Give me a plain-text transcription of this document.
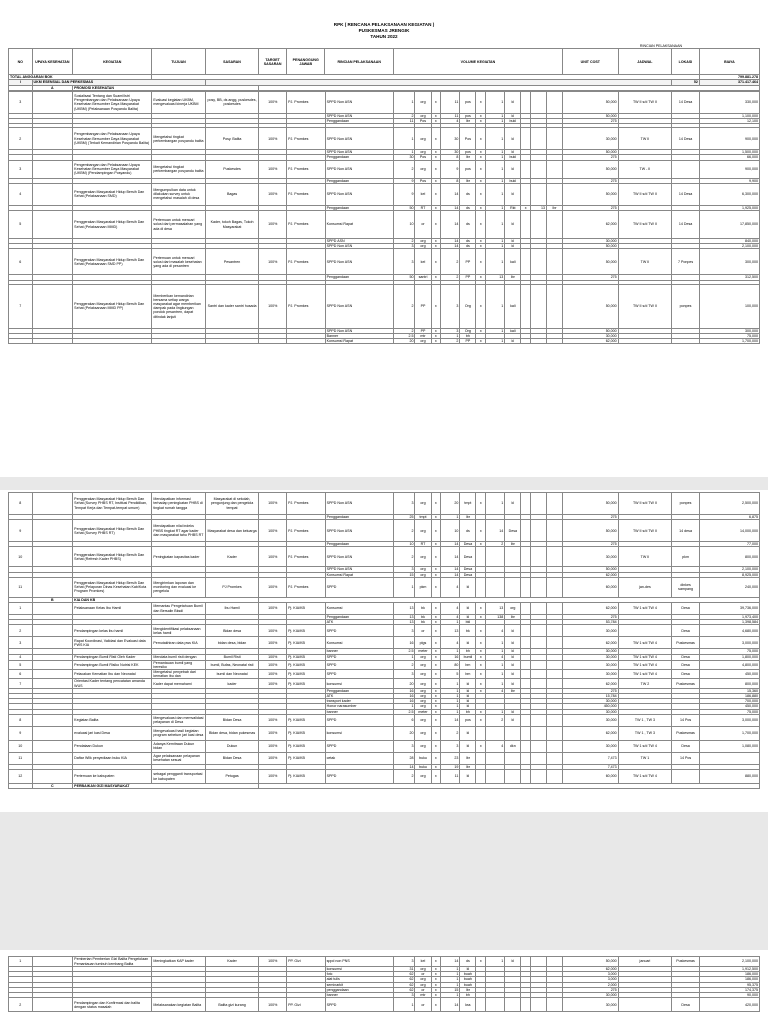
RPK ( RENCANA PELAKSANAAN KEGIATAN )
PUSKESMAS JRENGIK
TAHUN 2022
									RINCIAN PELAKSANAAN			
NO	UPAYA KESEHATAN	KEGIATAN	TUJUAN	SASARAN	TARGET SASARAN	PENANGGUNG JAWAB	RINCIAN PELAKSANAAN	VOLUME KEGIATAN	UNIT COST	JADWAL	LOKASI	BIAYA
TOTAL ANGGARAN BOK												799.881.278
I	UKM ESENSIAL DAN PERKESMAS										52	371.417.464
	A	PROMOSI KESEHATAN										
3		Sosialisasi Tentang dan Suami/Istri Pengembangan dan Pelaksanaan Upaya Kesehatan Bersumber Daya Masyarakat (UKBM) (Pelaksanaan Posyandu Balita)	Evaluasi kegiatan UKBM, mengevaluasi kinerja UKBM	posy, BB, ds angg, puskesdes, poskesdes	100%	PJ. Promkes	SPPD Non ASN	1	org	x	11	pos	x	1	kl				50,000	TW II s/d TW II	14 Desa	330,000
							SPPD Non ASN	2	org	x	11	pos	x	1	kl				50,000			1,100,000
							Penggandaan	11	Pos	x	4	lbr	x	1	bukl				275			12,100

2		Pengembangan dan Pelaksanaan Upaya Kesehatan Bersumber Daya Masyarakat (UKBM) (Terkait Kemandirian Posyandu Balita)	Mengetahui tingkat perkembangan posyandu balita	Posy. Balita	100%	PJ. Promkes	SPPD Non ASN	1	org	x	30	Pos	x	1	kl				30,000	TW II	14 Desa	900,000
							SPPD Non ASN	1	org	x	30	pos	x	1	kl				50,000			1,500,000
							Penggandaan	30	Pos	x	8	lbr	x	1	bukl				275			66,000
3		Pengembangan dan Pelaksanaan Upaya Kesehatan Bersumber Daya Masyarakat (UKBM) (Pendampingan Posyandu)	Mengetahui tingkat perkembangan posyandu balita	Puskesdes	100%	PJ. Promkes	SPPD Non ASN	2	org	x	9	pos	x	1	kl				50,000	TW - II		900,000
							Penggandaan	9	Pos	x	8	lbr	x	1	bukl				275			9,900
4		Penggerakan Masyarakat Hidup Bersih Dan Sehat (Pelaksanaan SMD)	Mengumpulkan data untuk dilakukan survey untuk mengetahui masalah di desa	Bagas	100%	PJ. Promkes	SPPD Non ASN	9	kel	x	14	ds	x	1	kl				50,000	TW II s/d TW II	14 Desa	6,300,000
							Penggandaan	50	RT	x	14	ds	x	1	Rkt	x	13	lbr	275			1,925,000
5		Penggerakan Masyarakat Hidup Bersih Dan Sehat (Pelaksanaan MMD)	Pertemuan untuk mencari solusi dari permasalahan yang ada di desa	Kader, tokoh Bagas, Tokoh Masyarakat	100%	PJ. Promkes	Konsumsi Rapat	10	or	x	14	ds	x	1	kl				62,000	TW II s/d TW II	14 Desa	17,850,000
							SPPD ASN	2	org	x	14	ds	x	1	kl				30,000			840,000
							SPPD Non ASN	3	org	x	14	ds	x	1	kl				50,000			2,100,000
6		Penggerakan Masyarakat Hidup Bersih Dan Sehat (Pelaksanaan SMD PP)	Pertemuan untuk mencari solusi dari masalah kesehatan yang ada di pesantren	Pesantren	100%	PJ. Promkes	SPPD Non ASN	3	kel	x	2	PP	x	1	kali				50,000	TW II	7 Ponpes	300,000
							Penggandaan	50	santri	x	2	PP	x	13	lbr				275			312,500

7		Penggerakan Masyarakat Hidup Bersih Dan Sehat (Pelaksanaan MMD PP)	Memberikan kemandirian bersama setiap warga masyarakat agar memberikan dampak pada lingkungan pondok pesantren, dapat ditindak lanjuti	Santri dan kader santri husada	100%	PJ. Promkes	SPPD Non ASN	2	PP	x	3	Org	x	1	kali				50,000	TW II s/d TW II	ponpes	100,000
							SPPD Non ASN	2	PP	x	3	Org	x	1	kali				50,000			300,000
							Banner	2.5	mtr	x	1	bh							30,000			75,000
							Konsumsi Rapat	20	org	x	2	PP	x	1	kl				62,000			1,700,000
8		Penggerakan Masyarakat Hidup Bersih Dan Sehat (Survey PHBS RT, Institusi Pendidikan, Tempat Kerja dan Tempat-tempat umum)	Mendapatkan informasi terhadap peningkatan PHBS di tingkat rumah tangga	Masyarakat di sekolah, pengunjung dan pengelola tempat	100%	PJ. Promkes	SPPD Non ASN	3	org	x	20	tmpt	x	1	kl				50,000	TW II s/d TW II	ponpes	2,500,000
							Penggandaan	25	tmpt	x	1	lbr							275			6,875
9		Penggerakan Masyarakat Hidup Bersih Dan Sehat (Survey PHBS RT)	Mendapatkan nilai indeks PHBS tingkat RT agar kader dan masyarakat tahu PHBS RT	Masyarakat desa dan keluarga	100%	PJ. Promkes	SPPD Non ASN	2	org	x	10	ds	x	14	Desa				50,000	TW II s/d TW II	14 desa	14,000,000
							Penggandaan	10	RT	x	14	Desa	x	2	lbr				275			77,000
10		Penggerakan Masyarakat Hidup Bersih Dan Sehat (Refresh Kader PHBS)	Peningkatan kapasitas kader	Kader	100%	PJ. Promkes	SPPD Non ASN	2	org	x	14	Desa							30,000	TW II	pkm	800,000
							SPPD Non ASN	3	org	x	14	Desa							50,000			2,100,000
							Konsumsi Rapat	15	org	x	14	Desa							62,000			8,925,000
11		Penggerakan Masyarakat Hidup Bersih Dan Sehat (Pelaporan Dinas Kesehatan Kab/Kota Program Promkes)	Mengirimkan laporan dan monitoring dan evaluasi ke pengelola	PJ Promkes	100%	PJ. Promkes	SPPD	1	pkm	x	4	kl							60,000	jan-des	dinkes sampang	240,000
	B	KIA DAN KB																				
1		Pelaksanaan Kelas Ibu Hamil	Memantau Pengetahuan Bumil dan Bersalin Bksdi	Ibu Hamil	100%	Pj. KIA/KB	Konsumsi	13	bk	x	4	kl	x	13	org				62,000	TW 1 s/d TW 4	Desa	39,736,000
							Penggandaan	13	bk	x	4	kl	x	138	lbr				275			1,973,400
							ATK	13	bk	x	1	bkl							53,784			1,398,584
2		Pendampingan kelas ibu hamil	Mengidentifikasi pelaksanaan kelas hamil	Bidan desa	100%	Pj. KIA/KB	SPPD	3	or	x	13	bk	x	4	kl				30,000		Desa	4,680,000
3		Rapat Koordinasi, Validasi dan Evaluasi data PWS KIA	Pemutakhiran data pws KIA	bidan desa, bidan	100%	Pj. KIA/KB	Konsumsi	16	plgs	x	4	kl	x	1	kl				62,000	TW 1 s/d TW 4	Puskesmas	3,000,000
							banner	2.5	meter	x	1	bh	x	1	kl				30,000			75,000
4		Pendampingan Bumil Risti Oleh Kader	Mendata bumil risti dengan	Bumil Risti	100%	Pj. KIA/KB	SPPD	1	org	x	16	bumil	x	4	kl				30,000	TW 1 s/d TW 4	Desa	1,800,000
5		Pendampingan Bumil Risiko Nutrisi KEK	Pemantauan bumil yang beresiko	bumil, Bufas, Neonatal risti	100%	Pj. KIA/KB	SPPD	2	org	x	80	bm	x	1	kl				30,000	TW 1 s/d TW 4	Desa	4,800,000
6		Pelacakan Kematian Ibu dan Neonatal	Mengetahui penyebab dari kematian ibu dan	bumil dan Neonatal	100%	Pj. KIA/KB	SPPD	3	org	x	5	bm	x	1	kl				30,000	TW 1 s/d TW 4	Desa	450,000
7		Orientasi Kader tentang pencatatan amanda WUS	Kader dapat memahami	kader	100%	Pj. KIA/KB	konsumsi	20	org	x	1	kl	x	1	kl				62,000	TW 2	Puskesmas	800,000
							Penggandaan	16	org	x	1	kl	x	4	lbr				275			15,360
							ATK	16	org	x	1	kl							15,784			186,880
							transport kader	16	org	x	1	kl							30,000			700,000
							Honor narasumber	1	org	x	1	kl							450,000			450,000
							banner	2.5	meter	x	1	bh	x	1	kl				30,000			75,000
8		Kegiatan Balita	Mengevaluasi dan memvalidasi pelayanan di Desa	Bidan Desa	100%	Pj. KIA/KB	SPPD	6	org	x	14	pos	x	2	kl				30,000	TW 1 , TW 3	14 Pos	3,000,000
9		evaluasi jari kasi Desa	Mengevaluasi hasil kegiatan program sebelum jari kasi desa	Bidan desa, bidan pukesmas	100%	Pj. KIA/KB	konsumsi	20	org	x	2	kl							62,000	TW 1 , TW 3	Puskesmas	1,700,000
10		Pendataan Dukun	Adanya Kemitraan Dukun bidan	Dukun	100%	Pj. KIA/KB	SPPD	3	org	x	3	kl	x	4	dkn				30,000	TW 1 s/d TW 4	Desa	1,080,000
11		Daftar Wilk penyediaan buku KIA	Agar pelaksanaan pelayanan kesehatan sesuai	Bidan Desa	100%	Pj. KIA/KB	cetak	28	buku	x	23	lbr							7,473	TW 1	14 Pos	
								14	buku	x	19	lbr							7,473			
12		Pertemuan ke kabupaten	sebagai pengganti transportasi ke kabupaten	Petugas	100%	Pj. KIA/KB	SPPD	2	org	x	11	kl							60,000	TW 1 s/d TW 4		880,000
	C	PERBAIKAN GIZI MASYARAKAT																				
1		Pemberian Pemberian Gizi Balita Pengelolaan Pemantauan tumbuh kembang Balita	Meningkatkan KAP kader	Kader	100%	PP. Gizi	sppd non PNS	3	kel	x	14	ds	x	1	kl				50,000	januari	Puskesmas	2,100,000
							konsumsi	31	org	x	1	kl							62,000			1,912,500
							fotc	62	or	x	1	buah							3,000			186,000
							alat tulis	62	org	x	1	buah							3,000			186,000
							seminarkit	62	org	x	1	buah							2,000			95,375
							penggandaan	62	or	x	15	lbr							275			174,375
							banner	3	mtr	x	1	bh							30,000			90,000
2		Pendampingan dan Konfirmasi dan balita dengan status masalah	Melaksanakan kegiatan Balita	Balita gizi kurang	100%	PP. Gizi	SPPD	1	or	x	14	kss							30,000		Desa	420,000
